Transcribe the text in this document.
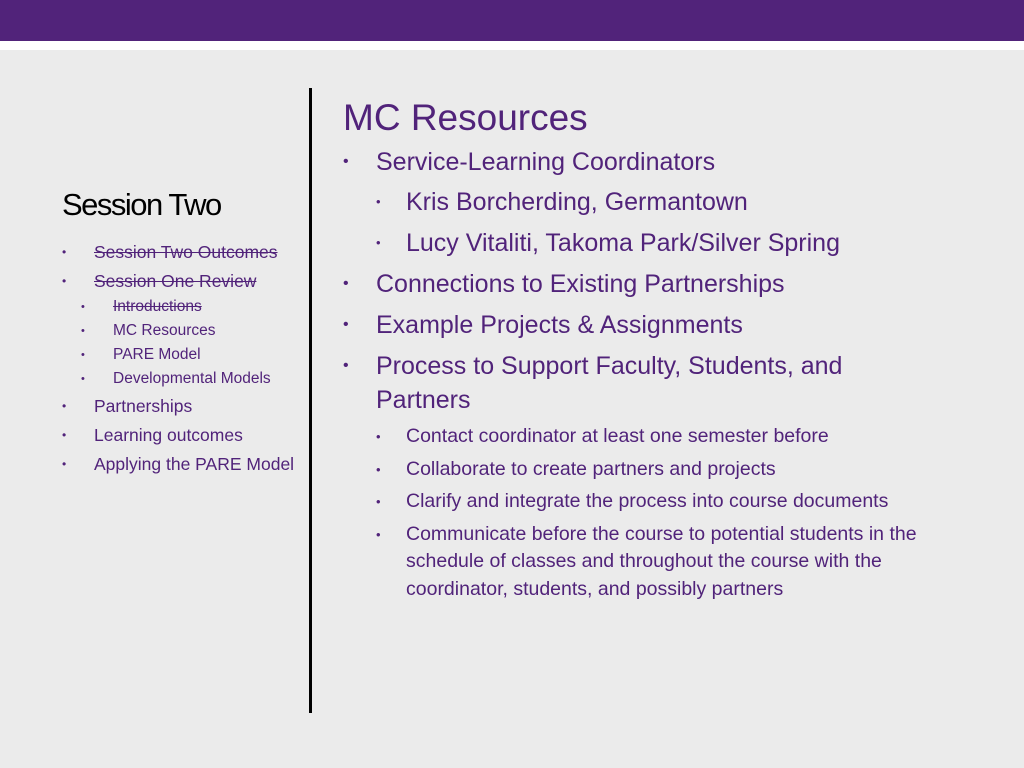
Session Two
• Session Two Outcomes
• Session One Review
• Introductions
• MC Resources
• PARE Model
• Developmental Models
• Partnerships
• Learning outcomes
• Applying the PARE Model
MC Resources
• Service-Learning Coordinators
• Kris Borcherding, Germantown
• Lucy Vitaliti, Takoma Park/Silver Spring
• Connections to Existing Partnerships
• Example Projects & Assignments
• Process to Support Faculty, Students, and Partners
• Contact coordinator at least one semester before
• Collaborate to create partners and projects
• Clarify and integrate the process into course documents
• Communicate before the course to potential students in the schedule of classes and throughout the course with the coordinator, students, and possibly partners
